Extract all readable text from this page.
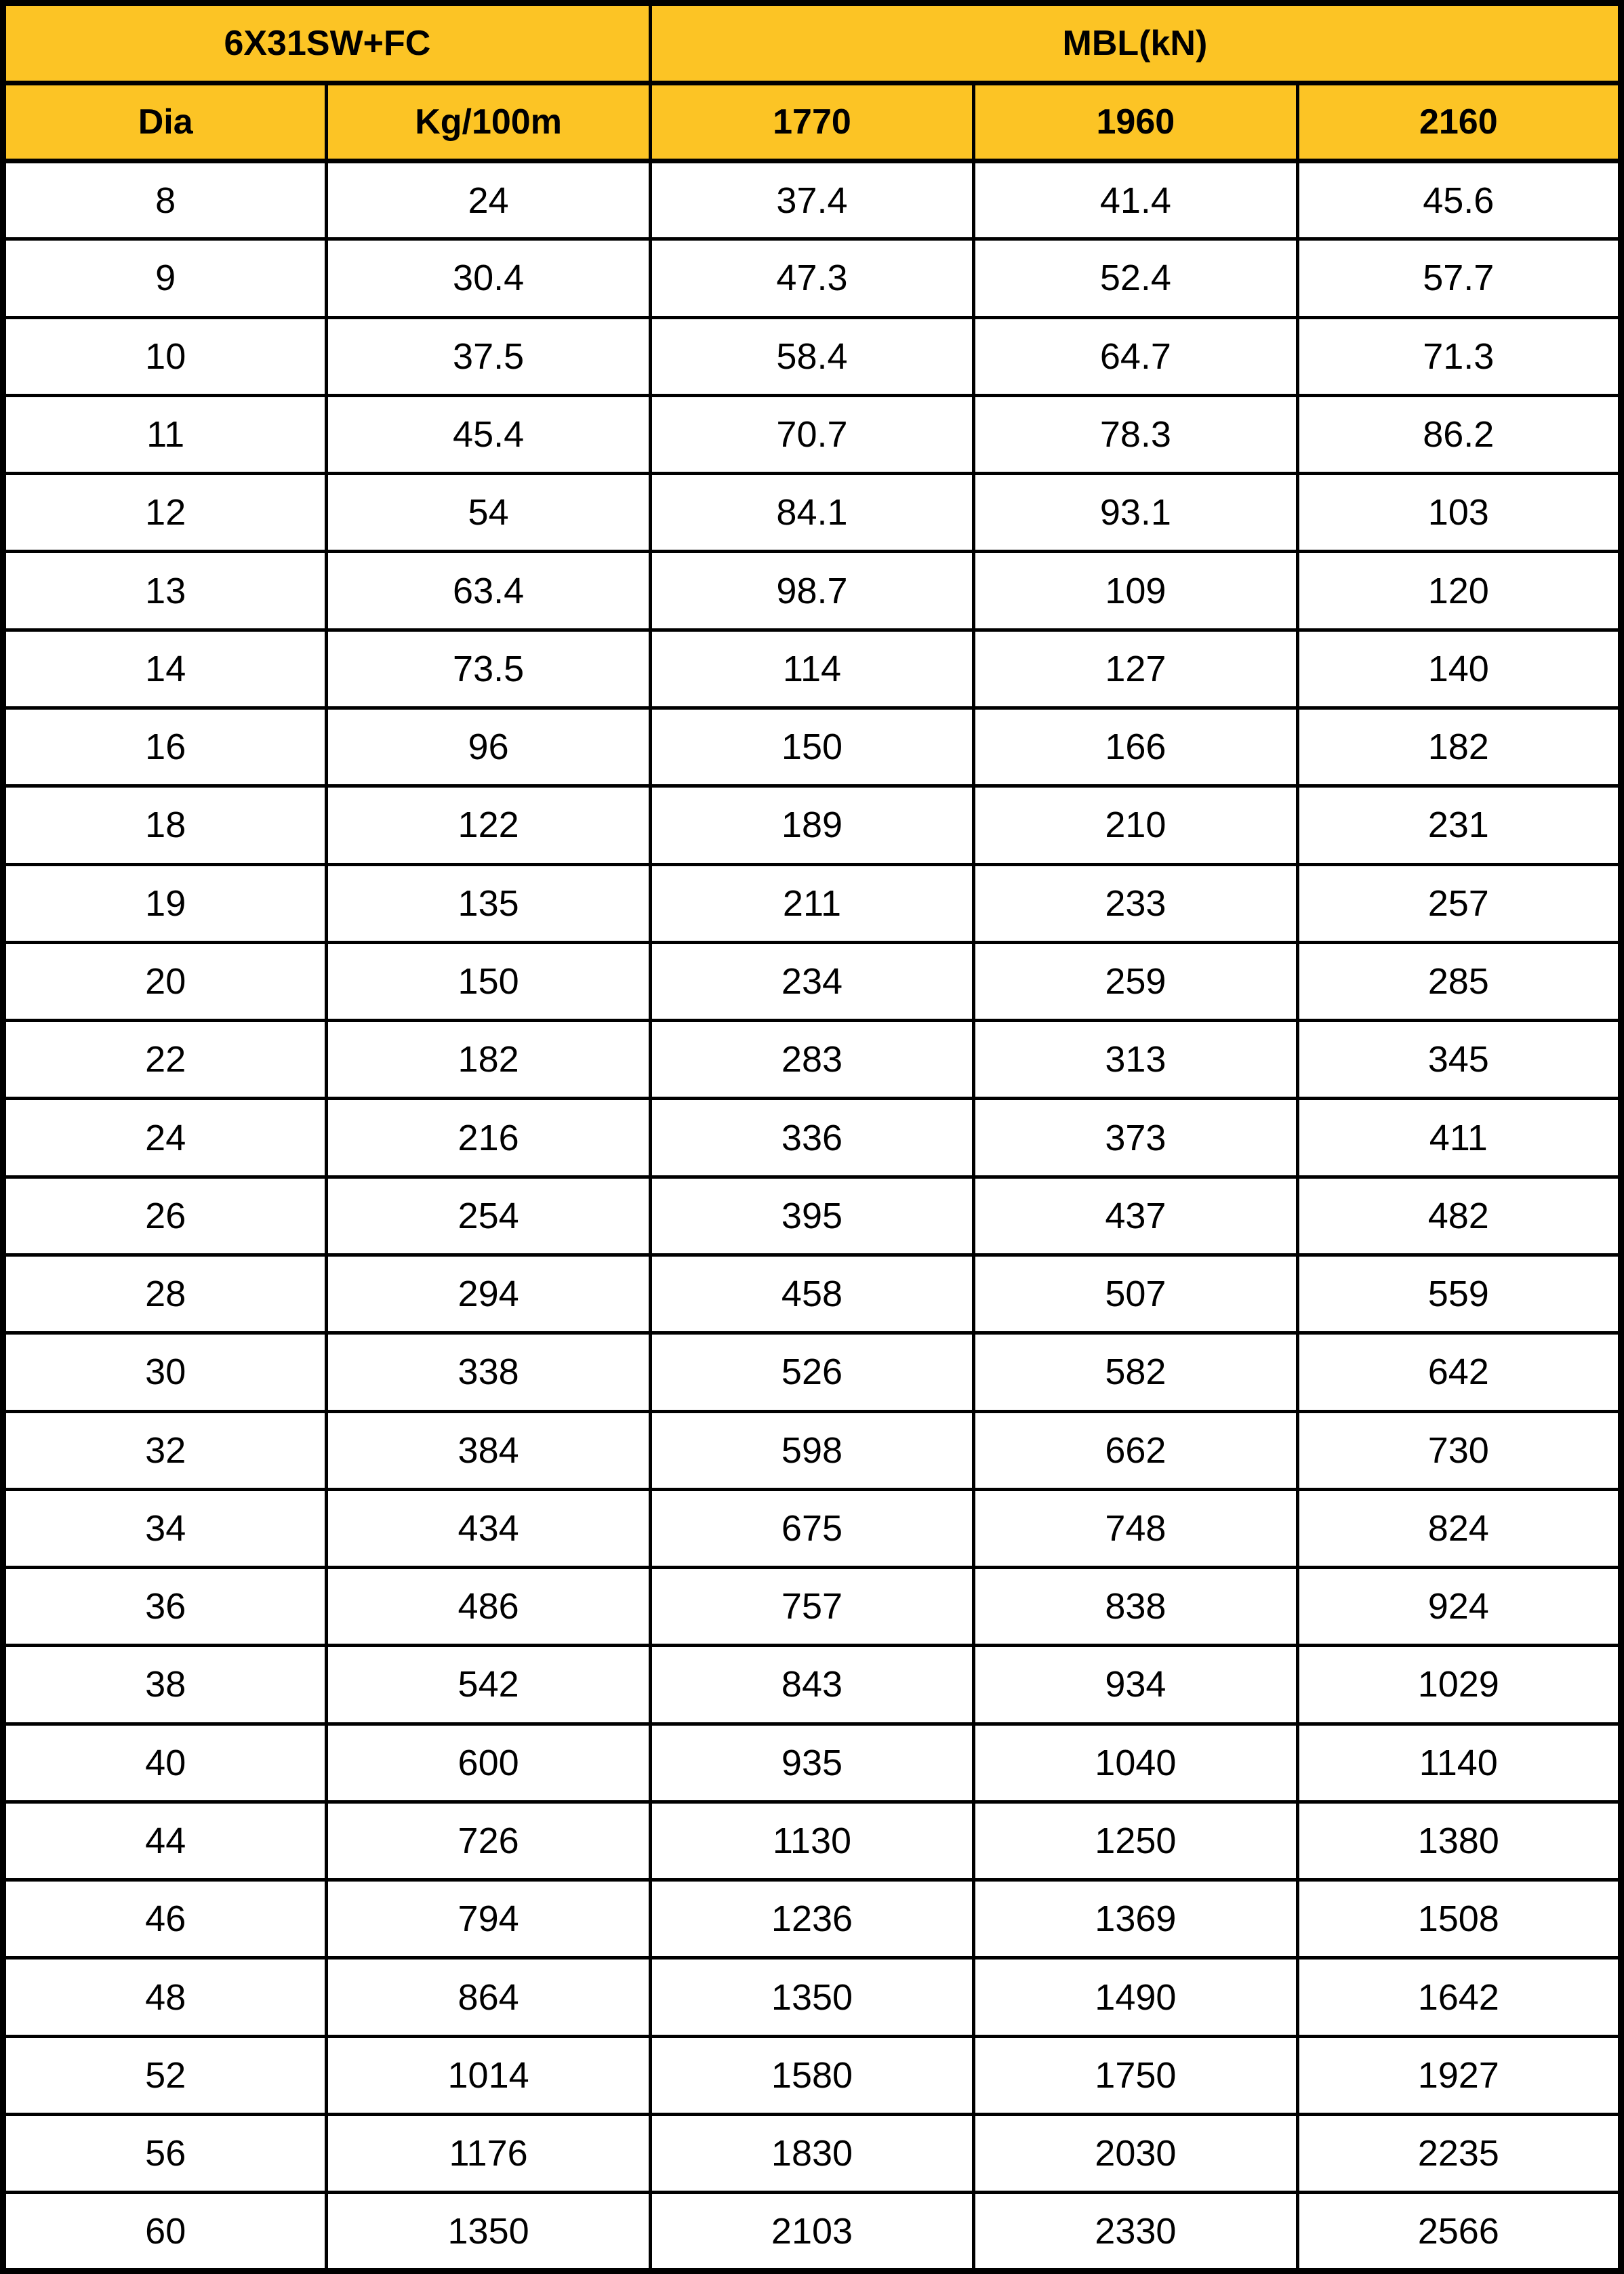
6X31SW+FC		MBL(kN)		
Dia	Kg/100m	1770	1960	2160
8	24	37.4	41.4	45.6
9	30.4	47.3	52.4	57.7
10	37.5	58.4	64.7	71.3
11	45.4	70.7	78.3	86.2
12	54	84.1	93.1	103
13	63.4	98.7	109	120
14	73.5	114	127	140
16	96	150	166	182
18	122	189	210	231
19	135	211	233	257
20	150	234	259	285
22	182	283	313	345
24	216	336	373	411
26	254	395	437	482
28	294	458	507	559
30	338	526	582	642
32	384	598	662	730
34	434	675	748	824
36	486	757	838	924
38	542	843	934	1029
40	600	935	1040	1140
44	726	1130	1250	1380
46	794	1236	1369	1508
48	864	1350	1490	1642
52	1014	1580	1750	1927
56	1176	1830	2030	2235
60	1350	2103	2330	2566
